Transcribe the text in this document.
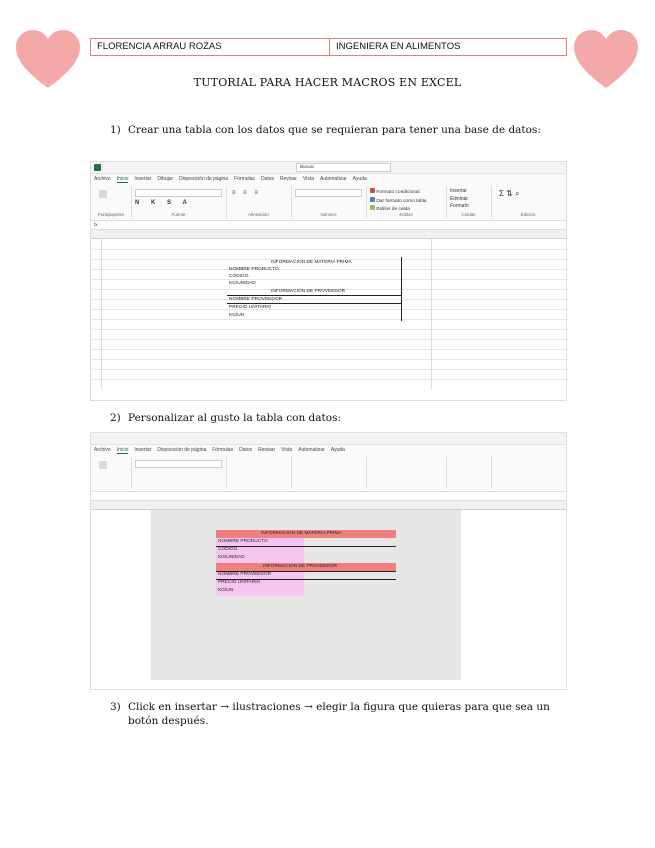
FLORENCIA ARRAU ROZAS	INGENIERA EN ALIMENTOS
TUTORIAL PARA HACER MACROS EN EXCEL
1) Crear una tabla con los datos que se requieran para tener una base de datos:
Buscar
Archivo Inicio Insertar Dibujar Disposición de página Fórmulas Datos Revisar Vista Automatizar Ayuda
Portapapeles
N K S A
Fuente
≡ ≡ ≡
Alineación	Número
Formato condicional
Dar formato como tabla
Estilos de celda
Estilos
Insertar
Eliminar
Formato
Celdas
Σ ⇅ ⌕
Edición
fx
INFORMACION DE MATERIA PRIMA
NOMBRE PRODUCTO
CÓDIGO
KG/UNIDAD
INFORMACIÓN DE PROVEEDOR
NOMBRE PROVEEDOR
PRECIO UNITARIO
KG/UN
2) Personalizar al gusto la tabla con datos:
Archivo Inicio Insertar Disposición de página Fórmulas Datos Revisar Vista Automatizar Ayuda
INFORMACION DE MATERIA PRIMA
NOMBRE PRODUCTO
CODIGO
KG/UNIDAD
INFORMACION DE PROVEEDOR
NOMBRE PROVEEDOR
PRECIO UNITARIO
KG/UN
3) Click en insertar → ilustraciones → elegir la figura que quieras para que sea un botón después.
